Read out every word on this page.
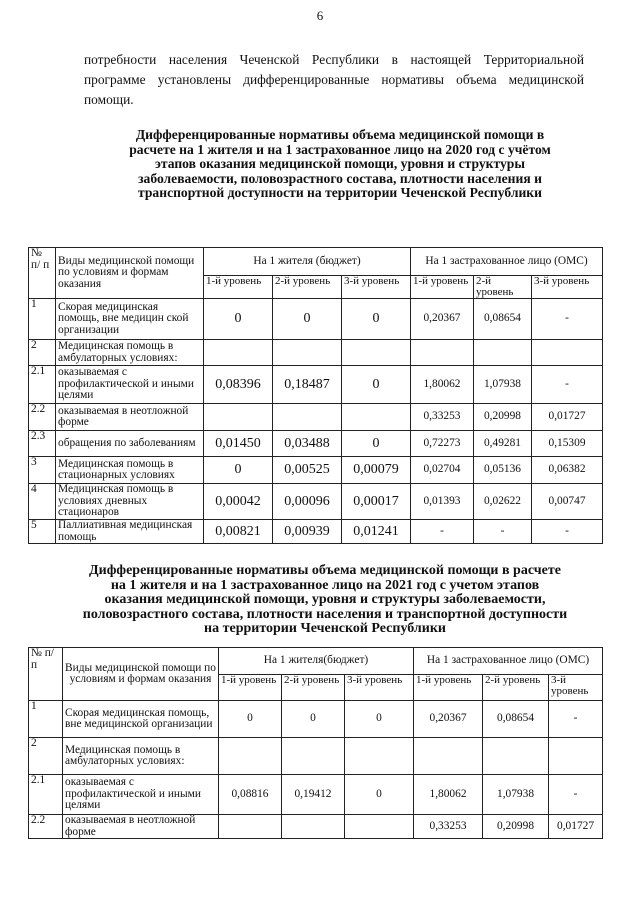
6
потребности населения Чеченской Республики в настоящей Территориальной
программе установлены дифференцированные нормативы объема медицинской
помощи.
Дифференцированные нормативы объема медицинской помощи в
расчете на 1 жителя и на 1 застрахованное лицо на 2020 год с учётом
этапов оказания медицинской помощи, уровня и структуры
заболеваемости, половозрастного состава, плотности населения и
транспортной доступности на территории Чеченской Республики
№ п/ п	Виды медицинской помощи по условиям и формам оказания	На 1 жителя (бюджет)			На 1 застрахованное лицо (ОМС)		
		1-й уровень	2-й уровень	3-й уровень	1-й уровень	2-й уровень	3-й уровень
1	Скорая медицинская помощь, вне медицин ской организации	0	0	0	0,20367	0,08654	-
2	Медицинская помощь в амбулаторных условиях:						
2.1	оказываемая с профилактической и иными целями	0,08396	0,18487	0	1,80062	1,07938	-
2.2	оказываемая в неотложной форме				0,33253	0,20998	0,01727
2.3	обращения по заболеваниям	0,01450	0,03488	0	0,72273	0,49281	0,15309
3	Медицинская помощь в стационарных условиях	0	0,00525	0,00079	0,02704	0,05136	0,06382
4	Медицинская помощь в условиях дневных стационаров	0,00042	0,00096	0,00017	0,01393	0,02622	0,00747
5	Паллиативная медицинская помощь	0,00821	0,00939	0,01241	-	-	-
Дифференцированные нормативы объема медицинской помощи в расчете
на 1 жителя и на 1 застрахованное лицо на 2021 год с учетом этапов
оказания медицинской помощи, уровня и структуры заболеваемости,
половозрастного состава, плотности населения и транспортной доступности
на территории Чеченской Республики
№ п/п	Виды медицинской помощи по условиям и формам оказания	На 1 жителя(бюджет)			На 1 застрахованное лицо (ОМС)		
		1-й уровень	2-й уровень	3-й уровень	1-й уровень	2-й уровень	3-й уровень
1	Скорая медицинская помощь, вне медицинской организации	0	0	0	0,20367	0,08654	-
2	Медицинская помощь в амбулаторных условиях:						
2.1	оказываемая с профилактической и иными целями	0,08816	0,19412	0	1,80062	1,07938	-
2.2	оказываемая в неотложной форме				0,33253	0,20998	0,01727
